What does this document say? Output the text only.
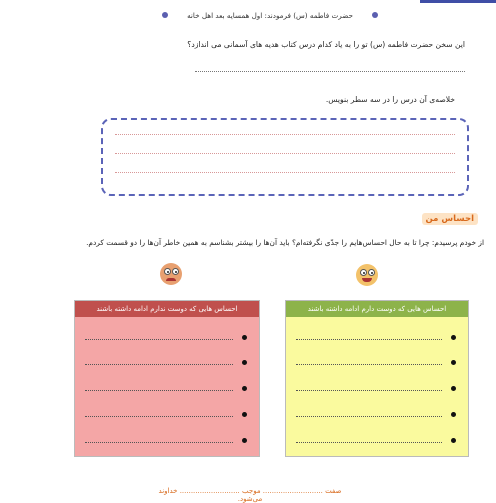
حضرت فاطمه (س) فرمودند: اول همسایه بعد اهل خانه
این سخن حضرت فاطمه (س) تو را به یاد کدام درس کتاب هدیه های آسمانی می اندازد؟
خلاصه‌ی آن درس را در سه سطر بنویس.
احساس من
از خودم پرسیدم: چرا تا به حال احساس‌هایم را جدّی نگرفته‌ام؟ باید آن‌ها را بیشتر بشناسم به همین خاطر آن‌ها را دو قسمت کردم.
احساس هایی که دوست ندارم ادامه داشته باشند	احساس هایی که دوست دارم ادامه داشته باشند
صفت ........................... موجب ........................... خداوند می‌شود.
